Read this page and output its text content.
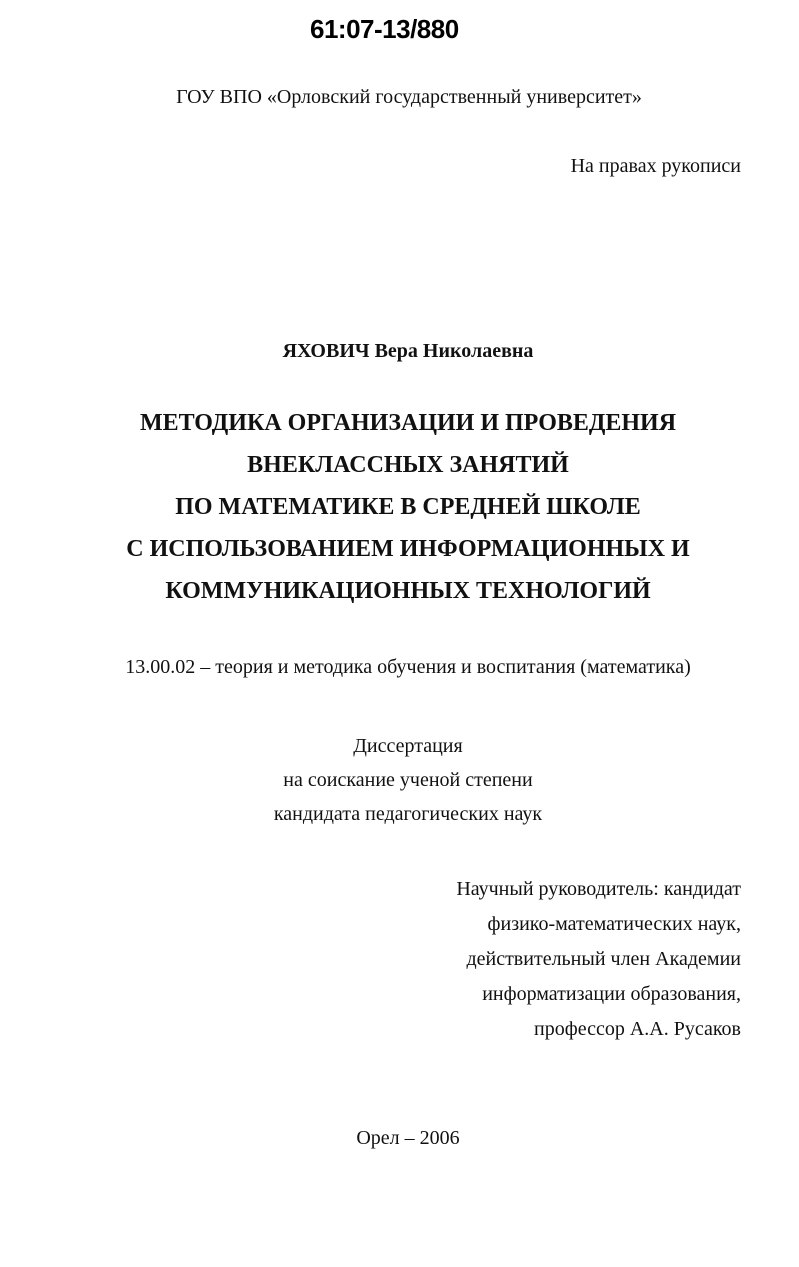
61:07-13/880
ГОУ ВПО «Орловский государственный университет»
На правах рукописи
ЯХОВИЧ Вера Николаевна
МЕТОДИКА ОРГАНИЗАЦИИ И ПРОВЕДЕНИЯ
ВНЕКЛАССНЫХ ЗАНЯТИЙ
ПО МАТЕМАТИКЕ В СРЕДНЕЙ ШКОЛЕ
С ИСПОЛЬЗОВАНИЕМ ИНФОРМАЦИОННЫХ И
КОММУНИКАЦИОННЫХ ТЕХНОЛОГИЙ
13.00.02 – теория и методика обучения и воспитания (математика)
Диссертация
на соискание ученой степени
кандидата педагогических наук
Научный руководитель: кандидат
физико-математических наук,
действительный член Академии
информатизации образования,
профессор А.А. Русаков
Орел – 2006
